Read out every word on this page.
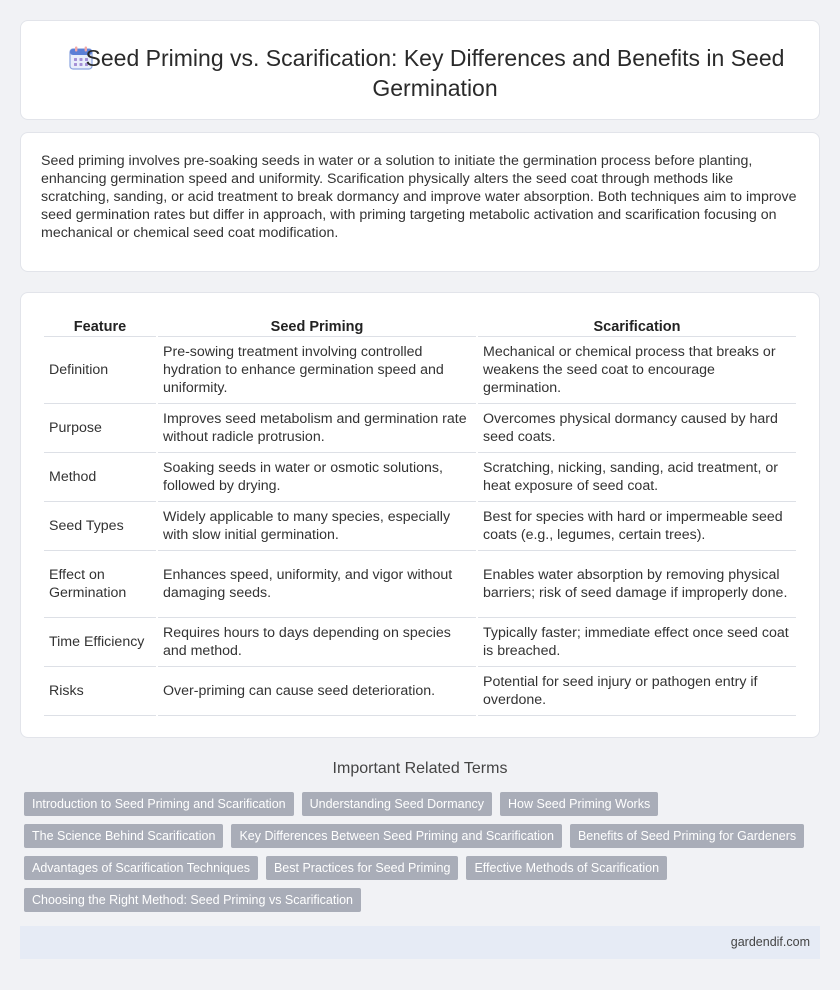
Seed Priming vs. Scarification: Key Differences and Benefits in Seed Germination

Seed priming involves pre-soaking seeds in water or a solution to initiate the germination process before planting, enhancing germination speed and uniformity. Scarification physically alters the seed coat through methods like scratching, sanding, or acid treatment to break dormancy and improve water absorption. Both techniques aim to improve seed germination rates but differ in approach, with priming targeting metabolic activation and scarification focusing on mechanical or chemical seed coat modification.

Feature	Seed Priming	Scarification
Definition	Pre-sowing treatment involving controlled hydration to enhance germination speed and uniformity.	Mechanical or chemical process that breaks or weakens the seed coat to encourage germination.
Purpose	Improves seed metabolism and germination rate without radicle protrusion.	Overcomes physical dormancy caused by hard seed coats.
Method	Soaking seeds in water or osmotic solutions, followed by drying.	Scratching, nicking, sanding, acid treatment, or heat exposure of seed coat.
Seed Types	Widely applicable to many species, especially with slow initial germination.	Best for species with hard or impermeable seed coats (e.g., legumes, certain trees).
Effect on Germination	Enhances speed, uniformity, and vigor without damaging seeds.	Enables water absorption by removing physical barriers; risk of seed damage if improperly done.
Time Efficiency	Requires hours to days depending on species and method.	Typically faster; immediate effect once seed coat is breached.
Risks	Over-priming can cause seed deterioration.	Potential for seed injury or pathogen entry if overdone.
Important Related Terms
Introduction to Seed Priming and Scarification	Understanding Seed Dormancy	How Seed Priming Works
The Science Behind Scarification	Key Differences Between Seed Priming and Scarification	Benefits of Seed Priming for Gardeners
Advantages of Scarification Techniques	Best Practices for Seed Priming	Effective Methods of Scarification
Choosing the Right Method: Seed Priming vs Scarification
gardendif.com
